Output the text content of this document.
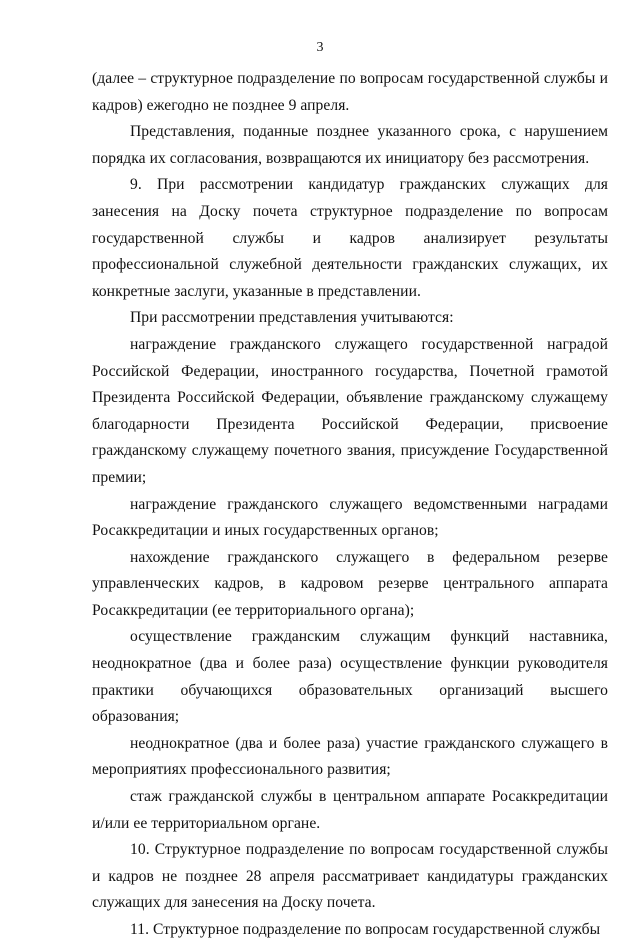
3

(далее – структурное подразделение по вопросам государственной службы и кадров) ежегодно не позднее 9 апреля.

Представления, поданные позднее указанного срока, с нарушением порядка их согласования, возвращаются их инициатору без рассмотрения.

9. При рассмотрении кандидатур гражданских служащих для занесения на Доску почета структурное подразделение по вопросам государственной службы и кадров анализирует результаты профессиональной служебной деятельности гражданских служащих, их конкретные заслуги, указанные в представлении.

При рассмотрении представления учитываются:

награждение гражданского служащего государственной наградой Российской Федерации, иностранного государства, Почетной грамотой Президента Российской Федерации, объявление гражданскому служащему благодарности Президента Российской Федерации, присвоение гражданскому служащему почетного звания, присуждение Государственной премии;

награждение гражданского служащего ведомственными наградами Росаккредитации и иных государственных органов;

нахождение гражданского служащего в федеральном резерве управленческих кадров, в кадровом резерве центрального аппарата Росаккредитации (ее территориального органа);

осуществление гражданским служащим функций наставника, неоднократное (два и более раза) осуществление функции руководителя практики обучающихся образовательных организаций высшего образования;

неоднократное (два и более раза) участие гражданского служащего в мероприятиях профессионального развития;

стаж гражданской службы в центральном аппарате Росаккредитации и/или ее территориальном органе.

10. Структурное подразделение по вопросам государственной службы и кадров не позднее 28 апреля рассматривает кандидатуры гражданских служащих для занесения на Доску почета.

11. Структурное подразделение по вопросам государственной службы
